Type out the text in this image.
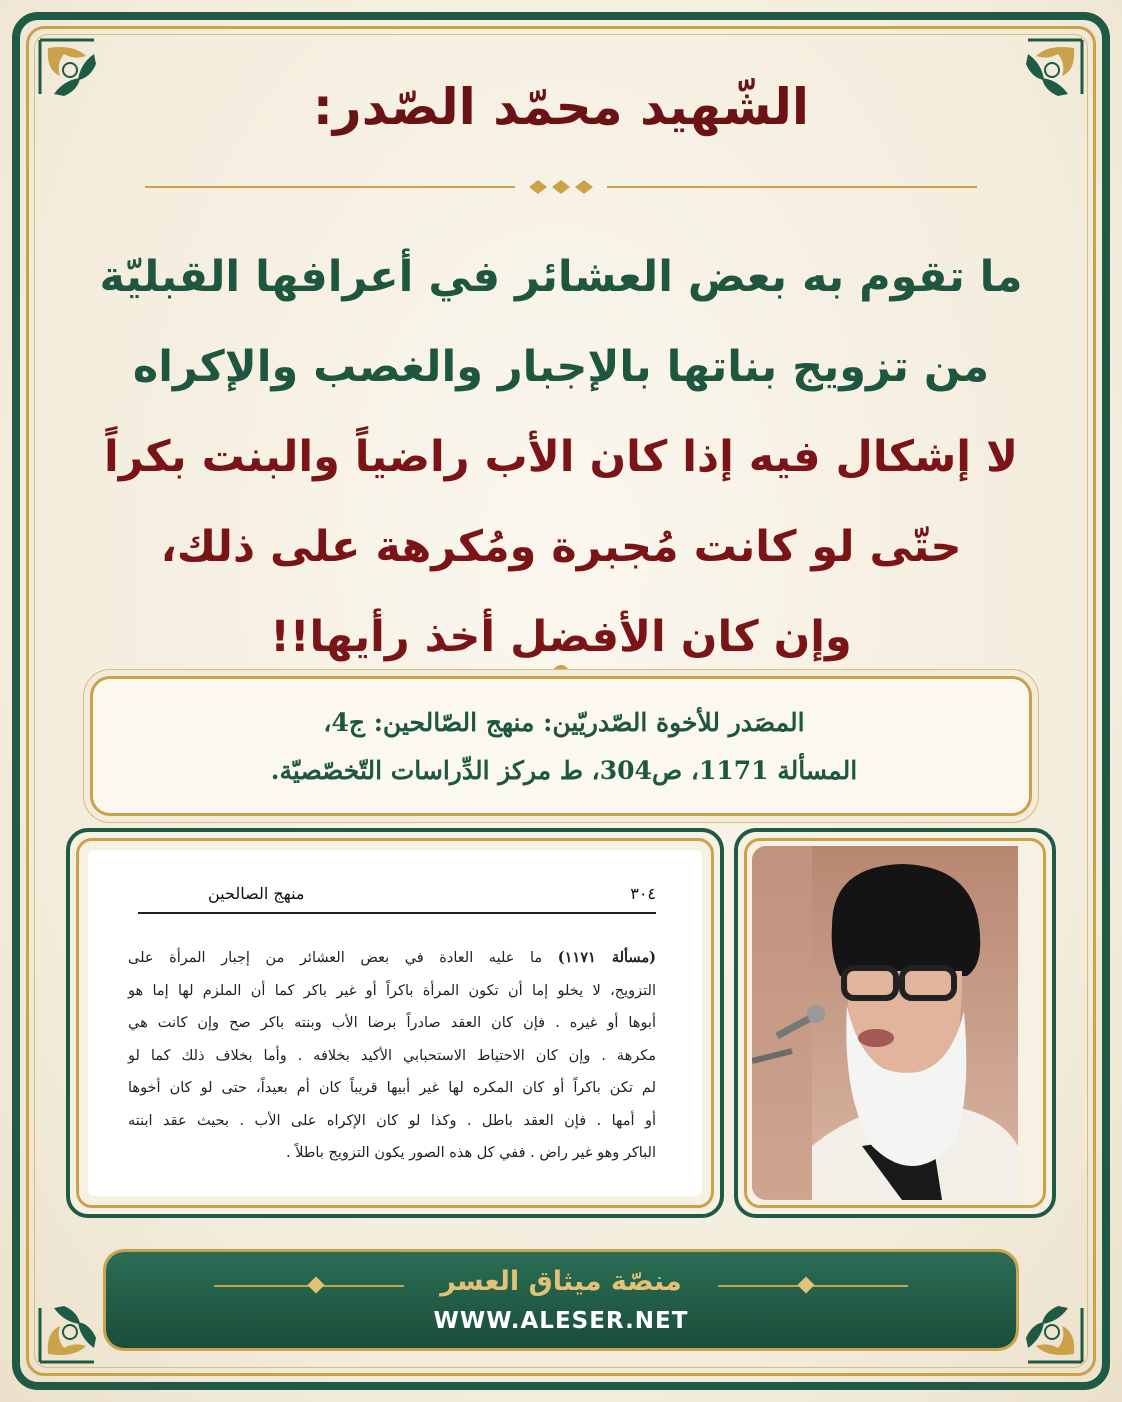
الشّهيد محمّد الصّدر:
ما تقوم به بعض العشائر في أعرافها القبليّة
من تزويج بناتها بالإجبار والغصب والإكراه
لا إشكال فيه إذا كان الأب راضياً والبنت بكراً
حتّى لو كانت مُجبرة ومُكرهة على ذلك،
وإن كان الأفضل أخذ رأيها!!
المصَدر للأخوة الصّدريّين: منهج الصّالحين: ج4،
المسألة 1171، ص304، ط مركز الدِّراسات التّخصّصيّة.
٣٠٤
منهج الصالحين
(مسألة ١١٧١) ما عليه العادة في بعض العشائر من إجبار المرأة على
التزويج، لا يخلو إما أن تكون المرأة باكراً أو غير باكر كما أن الملزم لها إما هو
أبوها أو غيره . فإن كان العقد صادراً برضا الأب وبنته باكر صح وإن كانت هي
مكرهة . وإن كان الاحتياط الاستحبابي الأكيد بخلافه . وأما بخلاف ذلك كما لو
لم تكن باكراً أو كان المكره لها غير أبيها قريباً كان أم بعيداً، حتى لو كان أخوها
أو أمها . فإن العقد باطل . وكذا لو كان الإكراه على الأب . بحيث عقد ابنته
الباكر وهو غير راض . ففي كل هذه الصور يكون التزويج باطلاً .
منصّة ميثاق العسر
WWW.ALESER.NET
